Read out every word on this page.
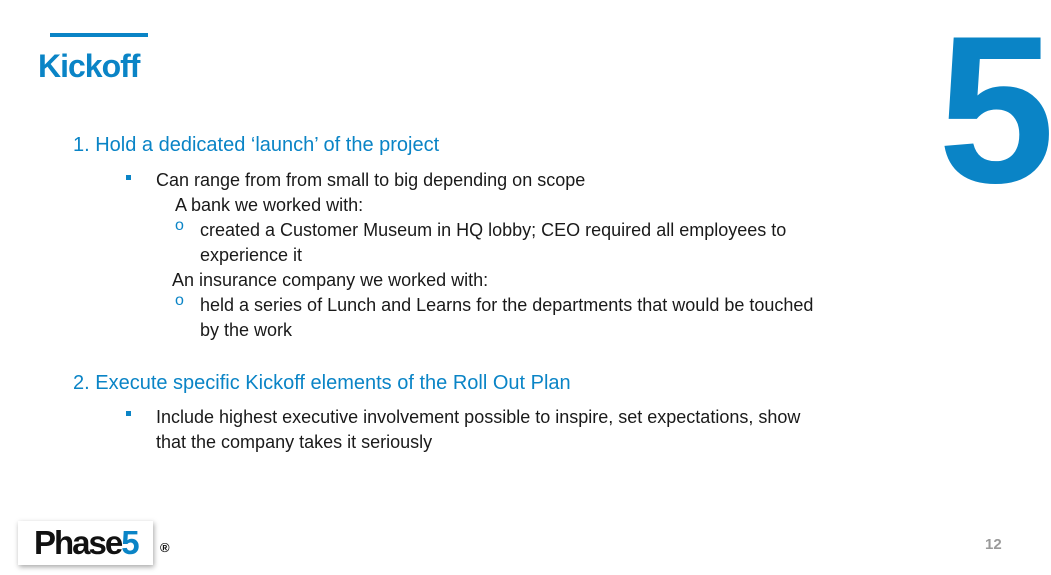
Kickoff	5
1. Hold a dedicated ‘launch’ of the project
Can range from from small to big depending on scope
A bank we worked with:
o created a Customer Museum in HQ lobby; CEO required all employees to
experience it
An insurance company we worked with:
o held a series of Lunch and Learns for the departments that would be touched
by the work
2. Execute specific Kickoff elements of the Roll Out Plan
Include highest executive involvement possible to inspire, set expectations, show
that the company takes it seriously
Phase5 ®	12
